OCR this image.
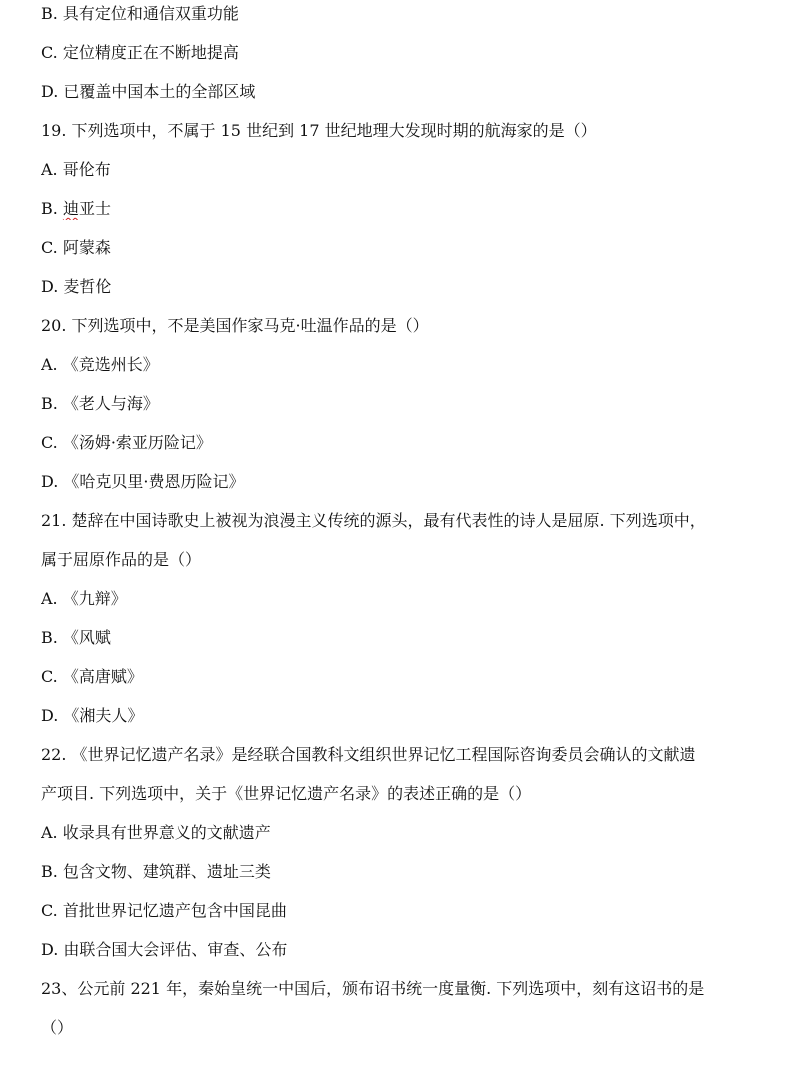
B. 具有定位和通信双重功能
C. 定位精度正在不断地提高
D. 已覆盖中国本土的全部区域
19. 下列选项中，不属于 15 世纪到 17 世纪地理大发现时期的航海家的是（）
A. 哥伦布
B. 迪亚士
C. 阿蒙森
D. 麦哲伦
20. 下列选项中，不是美国作家马克·吐温作品的是（）
A. 《竞选州长》
B. 《老人与海》
C. 《汤姆·索亚历险记》
D. 《哈克贝里·费恩历险记》
21. 楚辞在中国诗歌史上被视为浪漫主义传统的源头，最有代表性的诗人是屈原. 下列选项中，
属于屈原作品的是（）
A. 《九辩》
B. 《风赋
C. 《高唐赋》
D. 《湘夫人》
22. 《世界记忆遗产名录》是经联合国教科文组织世界记忆工程国际咨询委员会确认的文献遗
产项目. 下列选项中，关于《世界记忆遗产名录》的表述正确的是（）
A. 收录具有世界意义的文献遗产
B. 包含文物、建筑群、遗址三类
C. 首批世界记忆遗产包含中国昆曲
D. 由联合国大会评估、审查、公布
23、公元前 221 年，秦始皇统一中国后，颁布诏书统一度量衡. 下列选项中，刻有这诏书的是
（）
